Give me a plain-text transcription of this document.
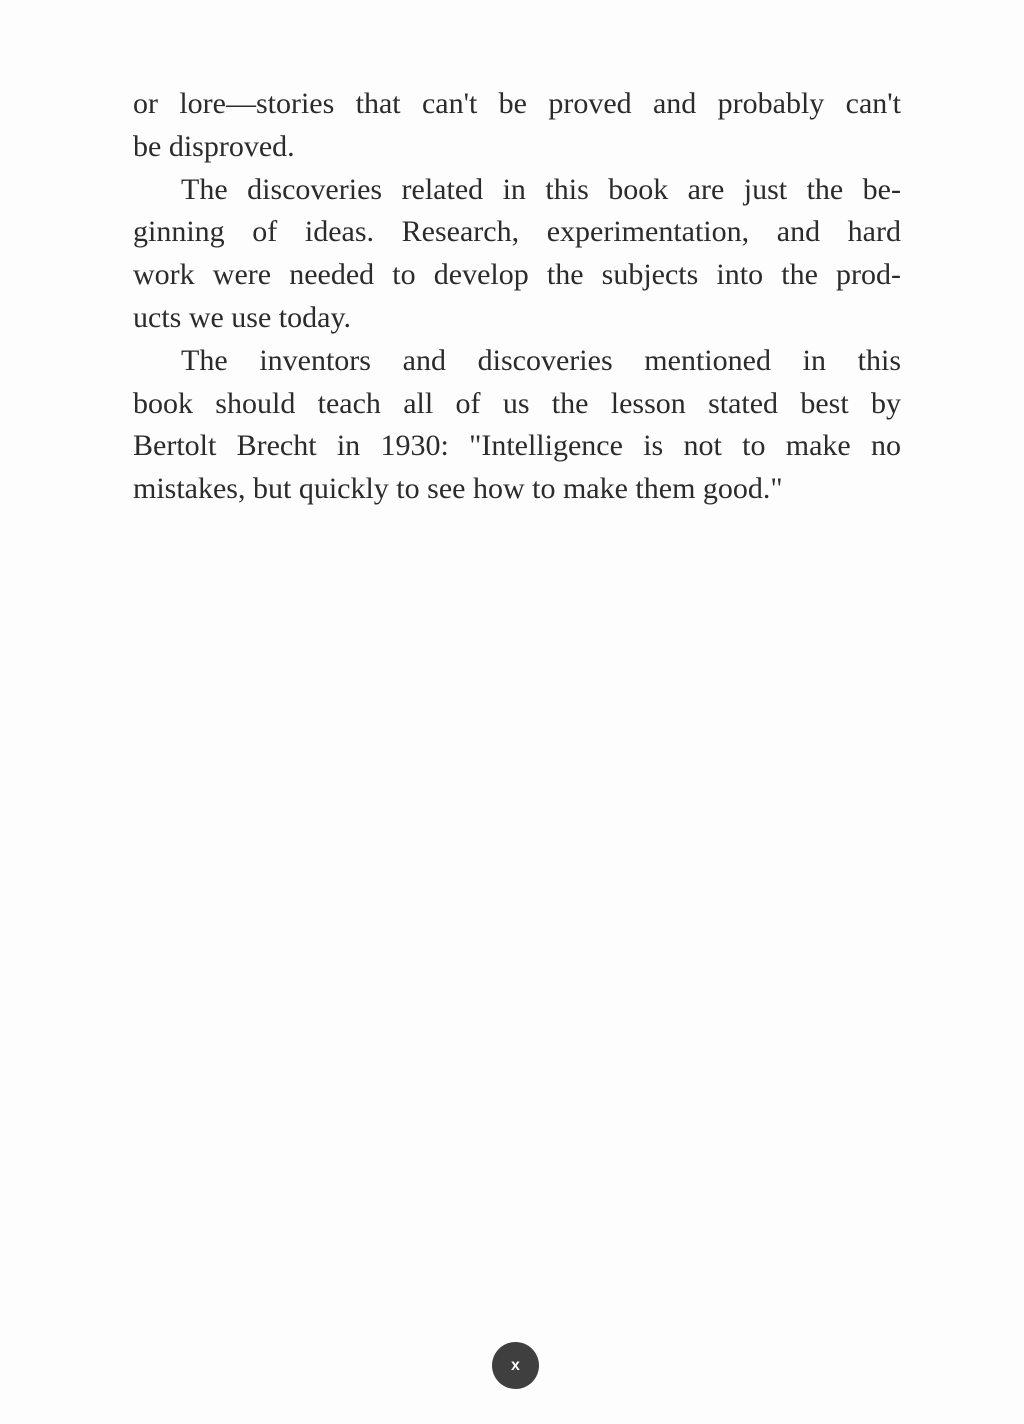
or lore—stories that can't be proved and probably can't
be disproved.
The discoveries related in this book are just the be-
ginning of ideas. Research, experimentation, and hard
work were needed to develop the subjects into the prod-
ucts we use today.
The inventors and discoveries mentioned in this
book should teach all of us the lesson stated best by
Bertolt Brecht in 1930: "Intelligence is not to make no
mistakes, but quickly to see how to make them good."
x
